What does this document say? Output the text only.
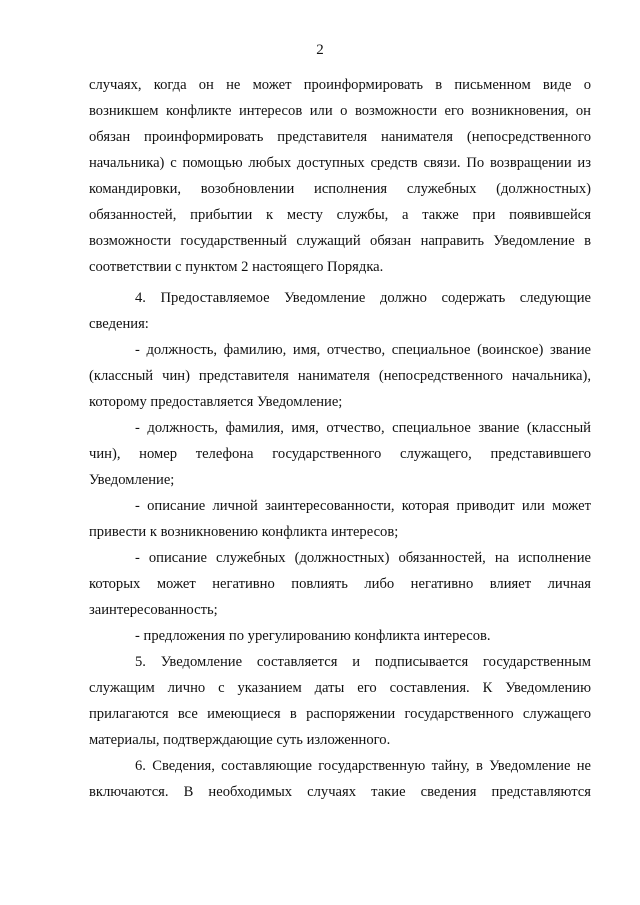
2
случаях, когда он не может проинформировать в письменном виде о
возникшем конфликте интересов или о возможности его возникновения, он
обязан проинформировать представителя нанимателя (непосредственного
начальника) с помощью любых доступных средств связи. По возвращении из
командировки, возобновлении исполнения служебных (должностных)
обязанностей, прибытии к месту службы, а также при появившейся
возможности государственный служащий обязан направить Уведомление в
соответствии с пунктом 2 настоящего Порядка.
4. Предоставляемое Уведомление должно содержать следующие
сведения:
- должность, фамилию, имя, отчество, специальное (воинское) звание
(классный чин) представителя нанимателя (непосредственного начальника),
которому предоставляется Уведомление;
- должность, фамилия, имя, отчество, специальное звание (классный
чин), номер телефона государственного служащего, представившего
Уведомление;
- описание личной заинтересованности, которая приводит или может
привести к возникновению конфликта интересов;
- описание служебных (должностных) обязанностей, на исполнение
которых может негативно повлиять либо негативно влияет личная
заинтересованность;
- предложения по урегулированию конфликта интересов.
5. Уведомление составляется и подписывается государственным
служащим лично с указанием даты его составления. К Уведомлению
прилагаются все имеющиеся в распоряжении государственного служащего
материалы, подтверждающие суть изложенного.
6. Сведения, составляющие государственную тайну, в Уведомление не
включаются. В необходимых случаях такие сведения представляются
